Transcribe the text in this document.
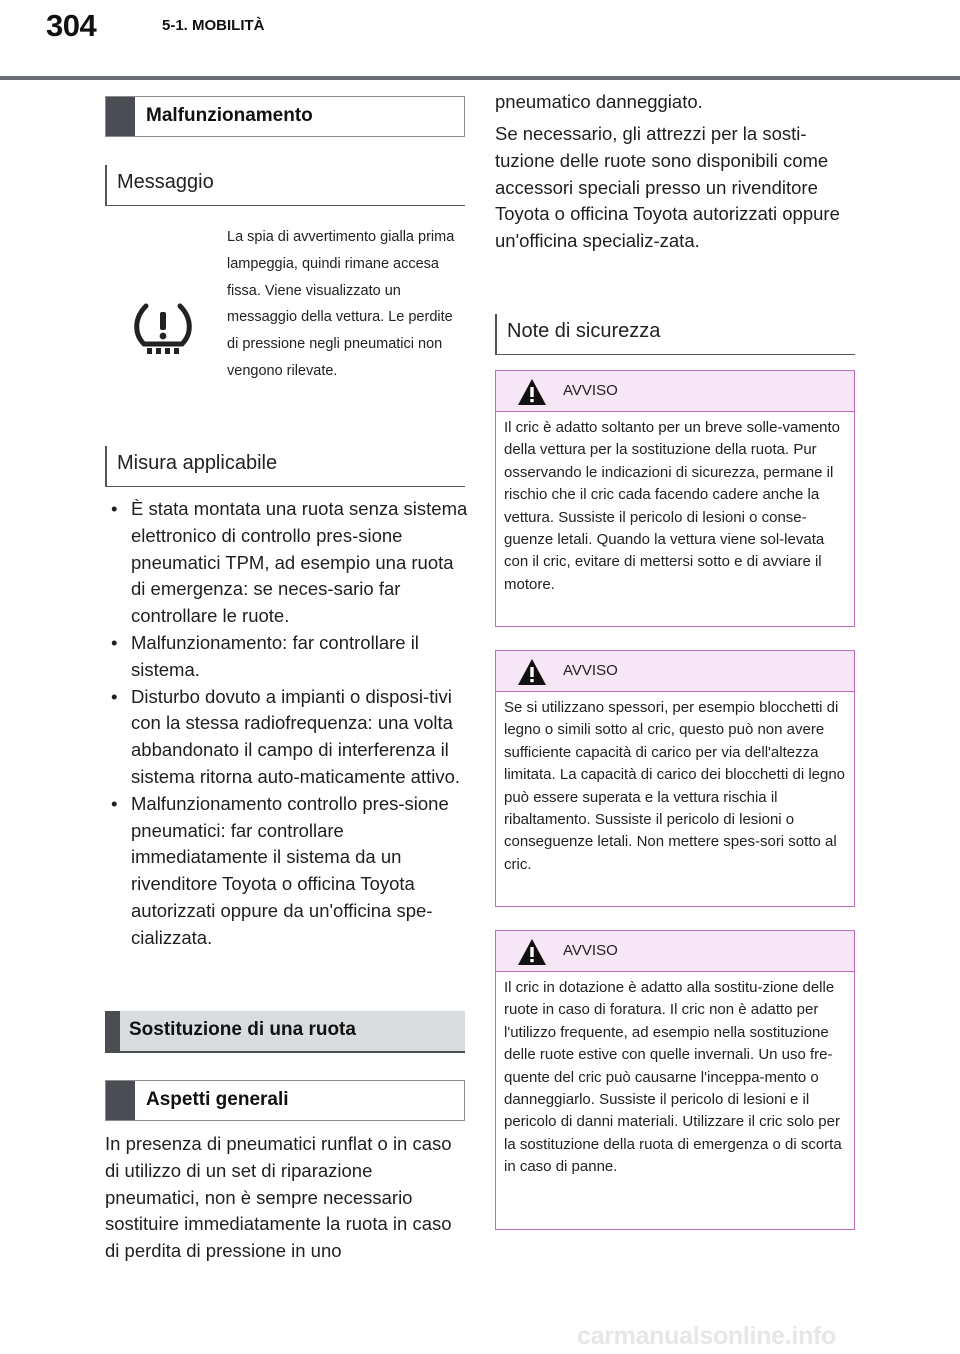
304	5-1. MOBILITÀ
Malfunzionamento
Messaggio
La spia di avvertimento gialla prima lampeggia, quindi rimane accesa fissa. Viene visualizzato un messaggio della vettura. Le perdite di pressione negli pneumatici non vengono rilevate.
Misura applicabile
• È stata montata una ruota senza sistema elettronico di controllo pres-sione pneumatici TPM, ad esempio una ruota di emergenza: se neces-sario far controllare le ruote.
• Malfunzionamento: far controllare il sistema.
• Disturbo dovuto a impianti o disposi-tivi con la stessa radiofrequenza: una volta abbandonato il campo di interferenza il sistema ritorna auto-maticamente attivo.
• Malfunzionamento controllo pres-sione pneumatici: far controllare immediatamente il sistema da un rivenditore Toyota o officina Toyota autorizzati oppure da un'officina spe-cializzata.
Sostituzione di una ruota
Aspetti generali
In presenza di pneumatici runflat o in caso di utilizzo di un set di riparazione pneumatici, non è sempre necessario sostituire immediatamente la ruota in caso di perdita di pressione in uno
pneumatico danneggiato.
Se necessario, gli attrezzi per la sosti-tuzione delle ruote sono disponibili come accessori speciali presso un rivenditore Toyota o officina Toyota autorizzati oppure un'officina specializ-zata.
Note di sicurezza
AVVISO
Il cric è adatto soltanto per un breve solle-vamento della vettura per la sostituzione della ruota. Pur osservando le indicazioni di sicurezza, permane il rischio che il cric cada facendo cadere anche la vettura. Sussiste il pericolo di lesioni o conse-guenze letali. Quando la vettura viene sol-levata con il cric, evitare di mettersi sotto e di avviare il motore.
AVVISO
Se si utilizzano spessori, per esempio blocchetti di legno o simili sotto al cric, questo può non avere sufficiente capacità di carico per via dell'altezza limitata. La capacità di carico dei blocchetti di legno può essere superata e la vettura rischia il ribaltamento. Sussiste il pericolo di lesioni o conseguenze letali. Non mettere spes-sori sotto al cric.
AVVISO
Il cric in dotazione è adatto alla sostitu-zione delle ruote in caso di foratura. Il cric non è adatto per l'utilizzo frequente, ad esempio nella sostituzione delle ruote estive con quelle invernali. Un uso fre-quente del cric può causarne l'inceppa-mento o danneggiarlo. Sussiste il pericolo di lesioni e il pericolo di danni materiali. Utilizzare il cric solo per la sostituzione della ruota di emergenza o di scorta in caso di panne.
carmanualsonline.info
